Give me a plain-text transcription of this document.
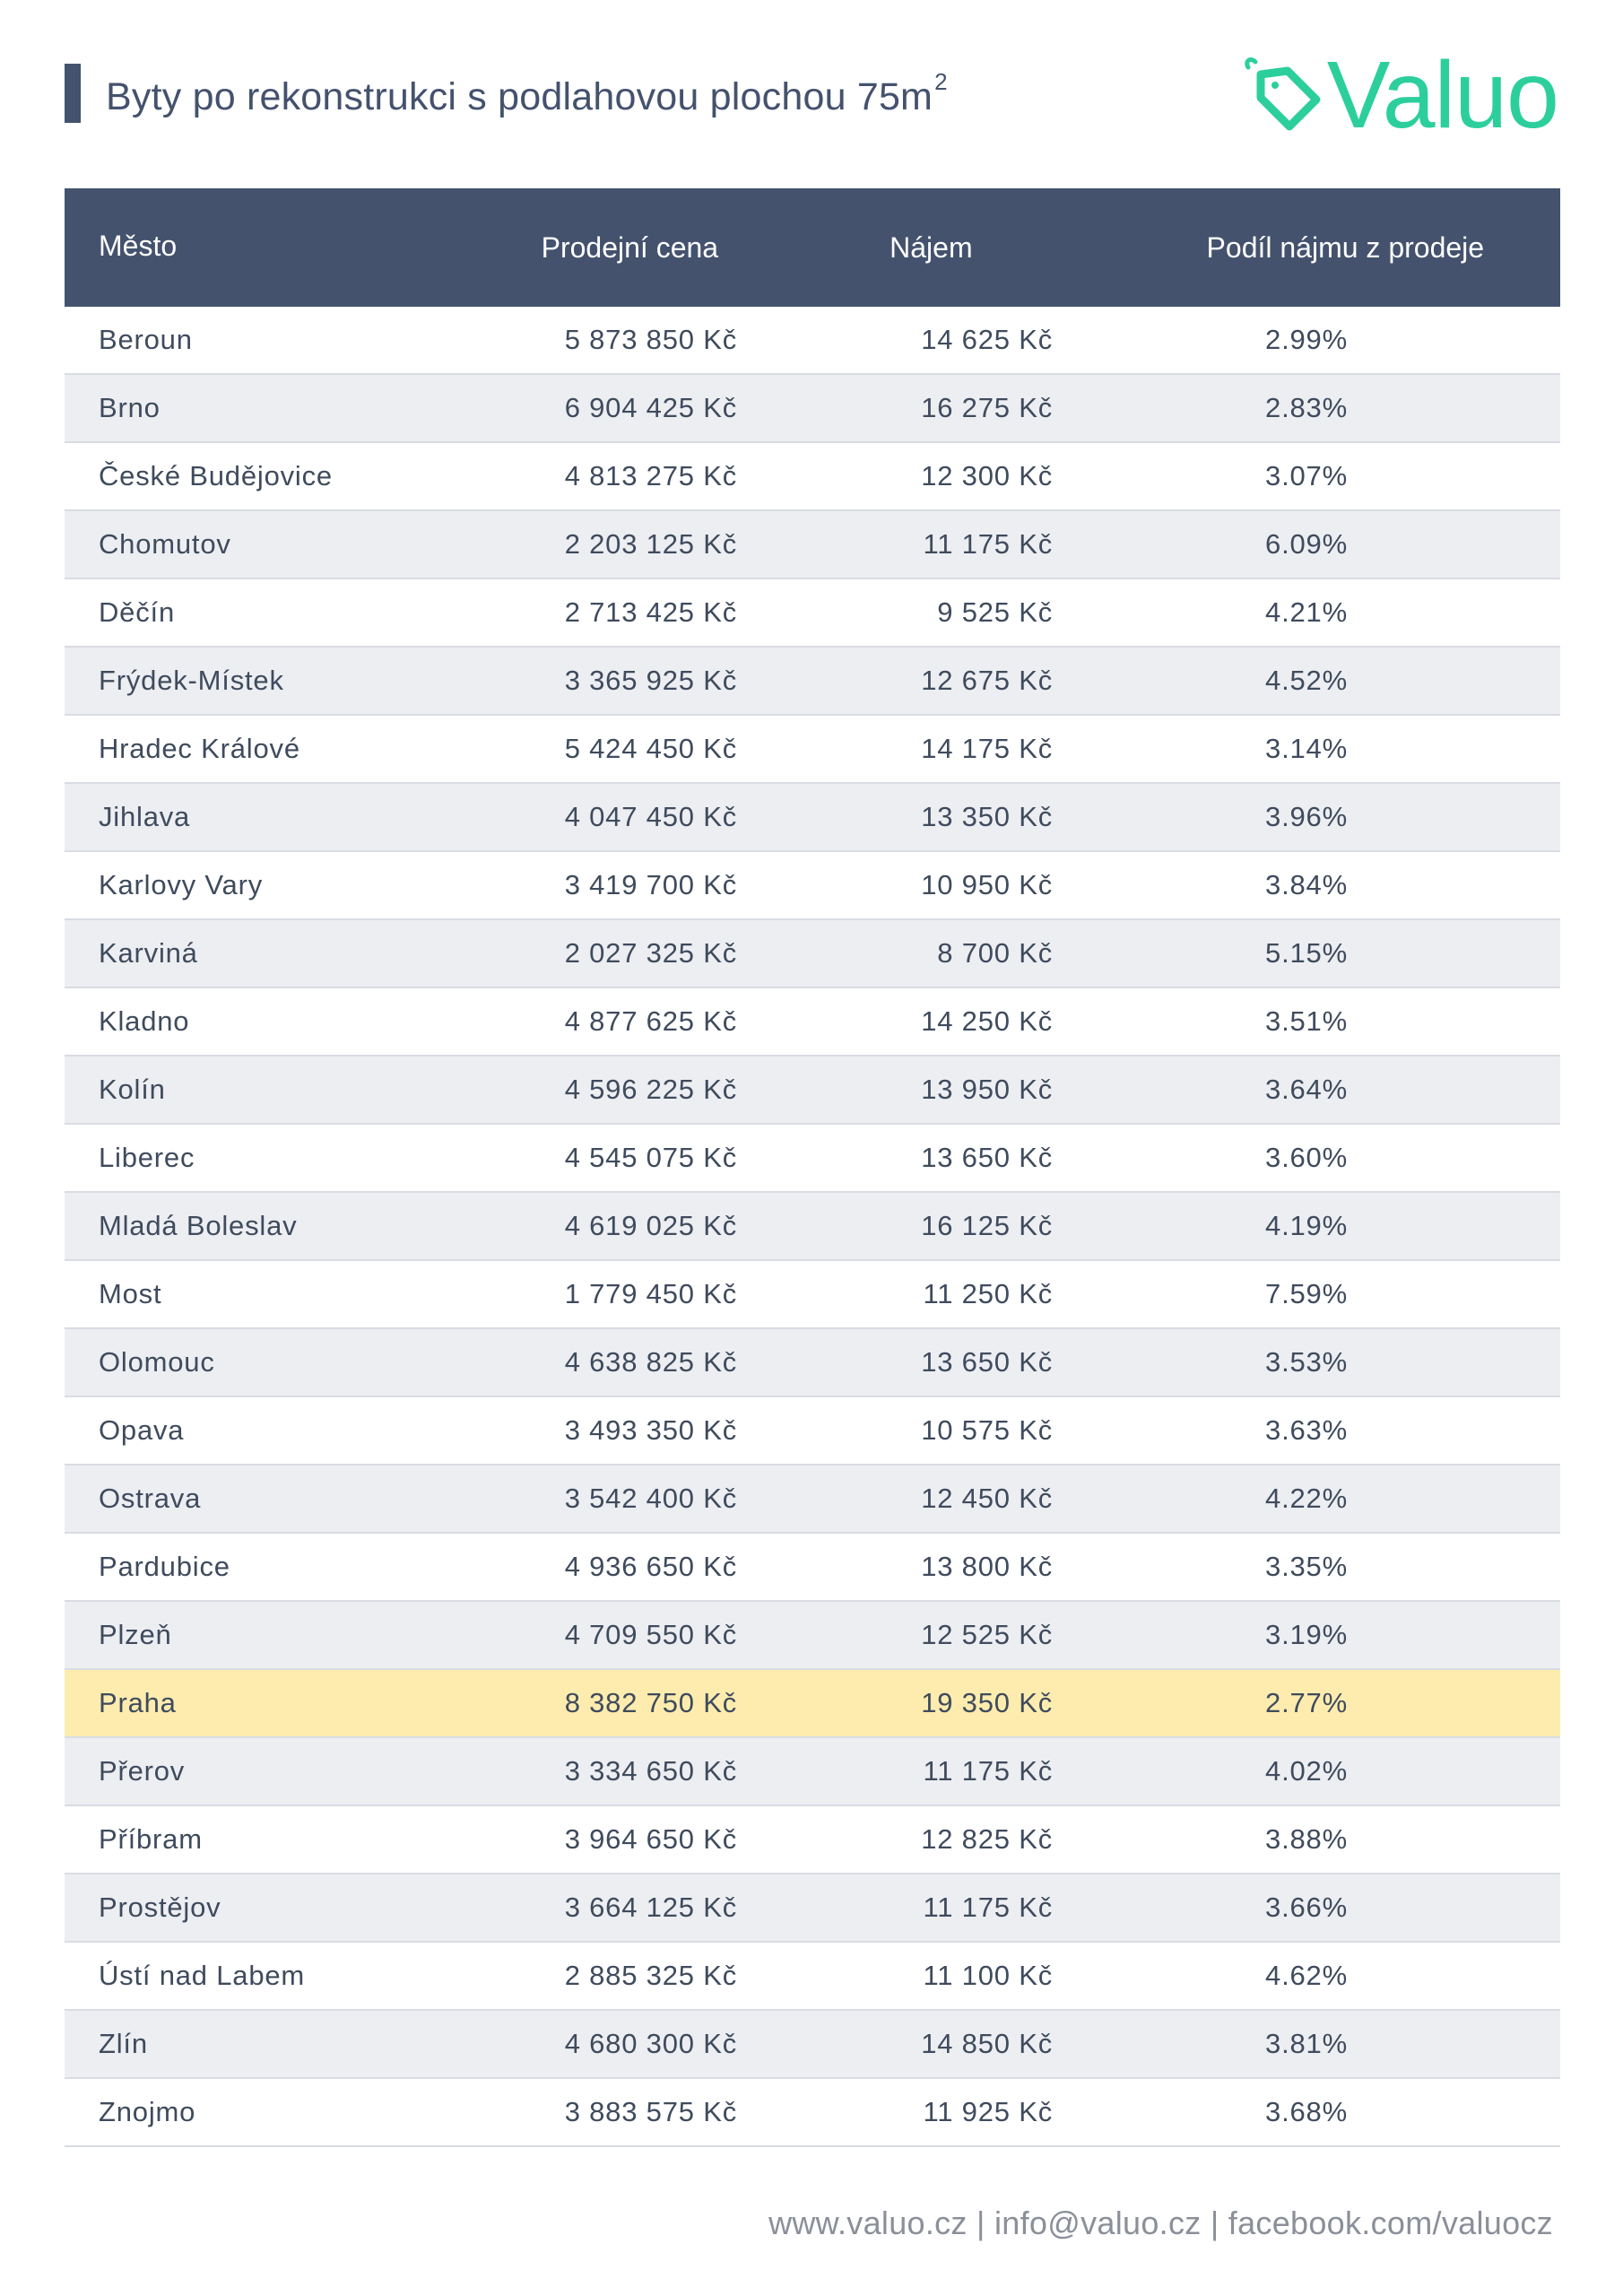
Byty po rekonstrukci s podlahovou plochou $75m^2$	Valuo
Město	Prodejní cena	Nájem	Podíl nájmu z prodeje
Beroun	5 873 850 Kč	14 625 Kč	2.99%
Brno	6 904 425 Kč	16 275 Kč	2.83%
České Budějovice	4 813 275 Kč	12 300 Kč	3.07%
Chomutov	2 203 125 Kč	11 175 Kč	6.09%
Děčín	2 713 425 Kč	9 525 Kč	4.21%
Frýdek-Místek	3 365 925 Kč	12 675 Kč	4.52%
Hradec Králové	5 424 450 Kč	14 175 Kč	3.14%
Jihlava	4 047 450 Kč	13 350 Kč	3.96%
Karlovy Vary	3 419 700 Kč	10 950 Kč	3.84%
Karviná	2 027 325 Kč	8 700 Kč	5.15%
Kladno	4 877 625 Kč	14 250 Kč	3.51%
Kolín	4 596 225 Kč	13 950 Kč	3.64%
Liberec	4 545 075 Kč	13 650 Kč	3.60%
Mladá Boleslav	4 619 025 Kč	16 125 Kč	4.19%
Most	1 779 450 Kč	11 250 Kč	7.59%
Olomouc	4 638 825 Kč	13 650 Kč	3.53%
Opava	3 493 350 Kč	10 575 Kč	3.63%
Ostrava	3 542 400 Kč	12 450 Kč	4.22%
Pardubice	4 936 650 Kč	13 800 Kč	3.35%
Plzeň	4 709 550 Kč	12 525 Kč	3.19%
Praha	8 382 750 Kč	19 350 Kč	2.77%
Přerov	3 334 650 Kč	11 175 Kč	4.02%
Příbram	3 964 650 Kč	12 825 Kč	3.88%
Prostějov	3 664 125 Kč	11 175 Kč	3.66%
Ústí nad Labem	2 885 325 Kč	11 100 Kč	4.62%
Zlín	4 680 300 Kč	14 850 Kč	3.81%
Znojmo	3 883 575 Kč	11 925 Kč	3.68%
www.valuo.cz | info@valuo.cz | facebook.com/valuocz
